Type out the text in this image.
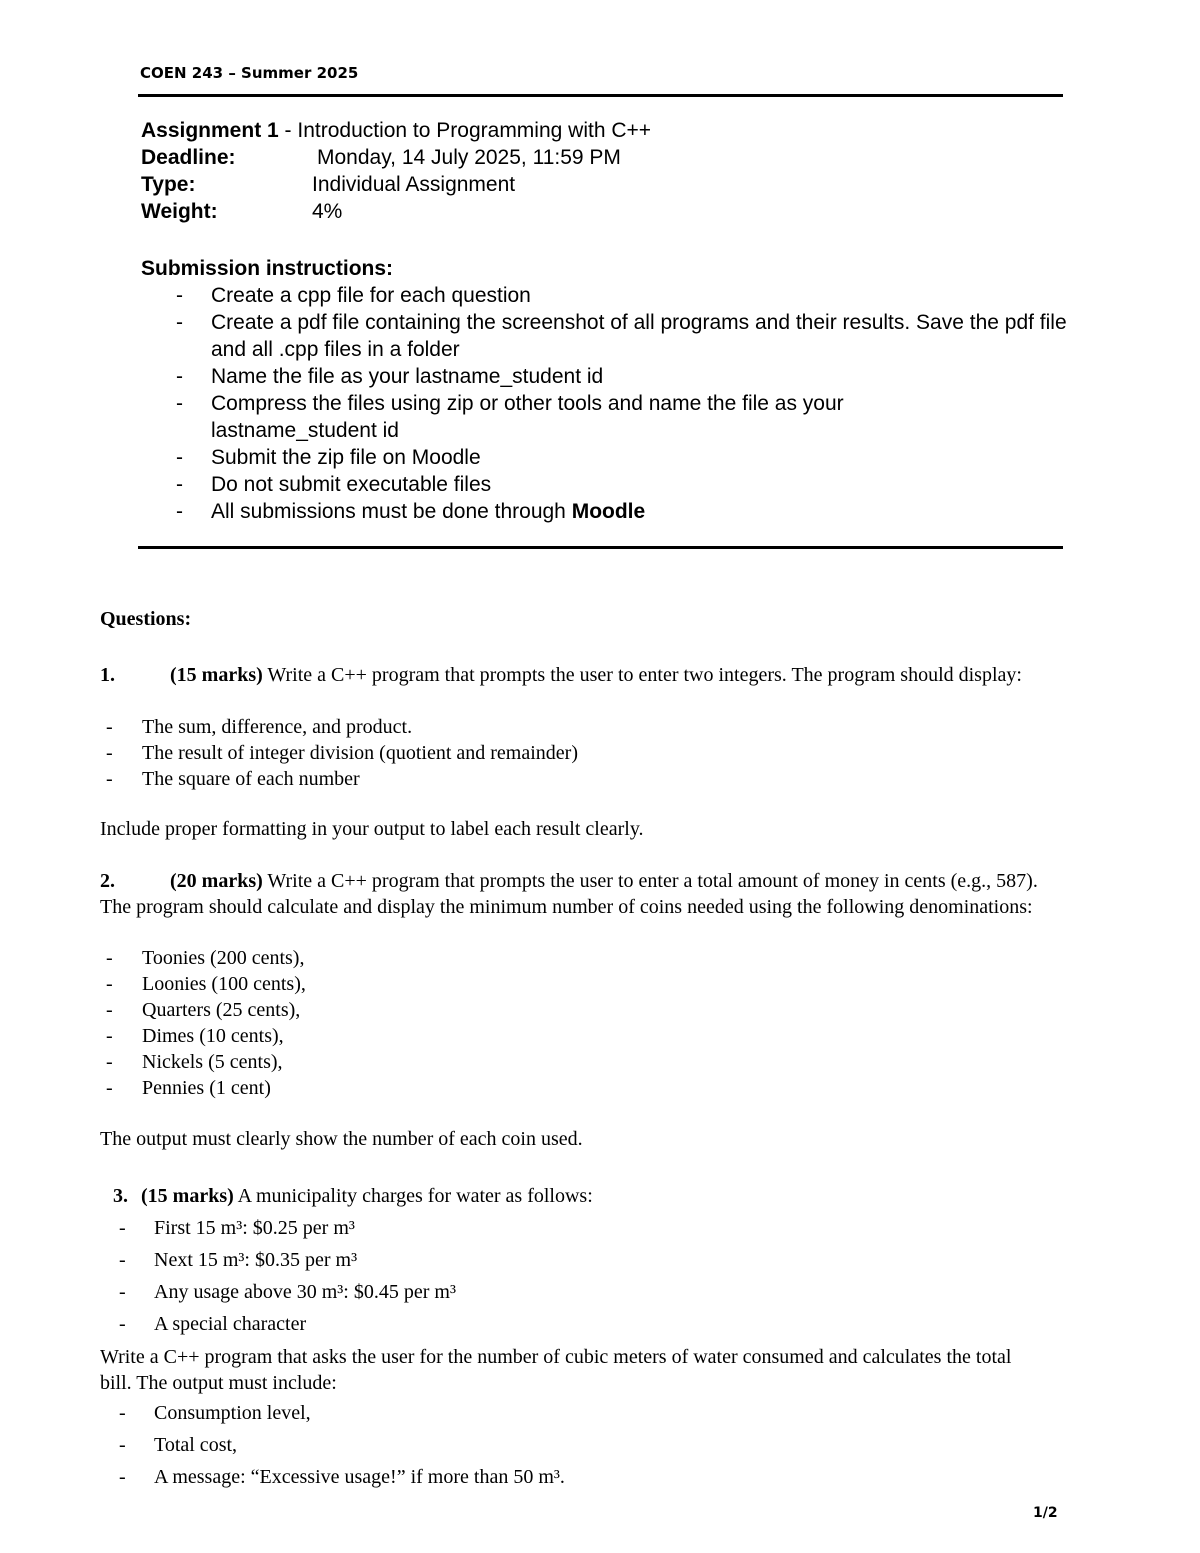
COEN 243 – Summer 2025
Assignment 1 - Introduction to Programming with C++
Deadline:	Monday, 14 July 2025, 11:59 PM
Type:	Individual Assignment
Weight:	4%
Submission instructions:
- Create a cpp file for each question
- Create a pdf file containing the screenshot of all programs and their results. Save the pdf file and all .cpp files in a folder
- Name the file as your lastname_student id
- Compress the files using zip or other tools and name the file as your lastname_student id
- Submit the zip file on Moodle
- Do not submit executable files
- All submissions must be done through Moodle
Questions:
1.	(15 marks) Write a C++ program that prompts the user to enter two integers. The program should display:
- The sum, difference, and product.
- The result of integer division (quotient and remainder)
- The square of each number
Include proper formatting in your output to label each result clearly.
2.	(20 marks) Write a C++ program that prompts the user to enter a total amount of money in cents (e.g., 587). The program should calculate and display the minimum number of coins needed using the following denominations:
- Toonies (200 cents),
- Loonies (100 cents),
- Quarters (25 cents),
- Dimes (10 cents),
- Nickels (5 cents),
- Pennies (1 cent)
The output must clearly show the number of each coin used.
3. (15 marks) A municipality charges for water as follows:
- First 15 m³: $0.25 per m³
- Next 15 m³: $0.35 per m³
- Any usage above 30 m³: $0.45 per m³
- A special character
Write a C++ program that asks the user for the number of cubic meters of water consumed and calculates the total bill. The output must include:
- Consumption level,
- Total cost,
- A message: “Excessive usage!” if more than 50 m³.
1/2
